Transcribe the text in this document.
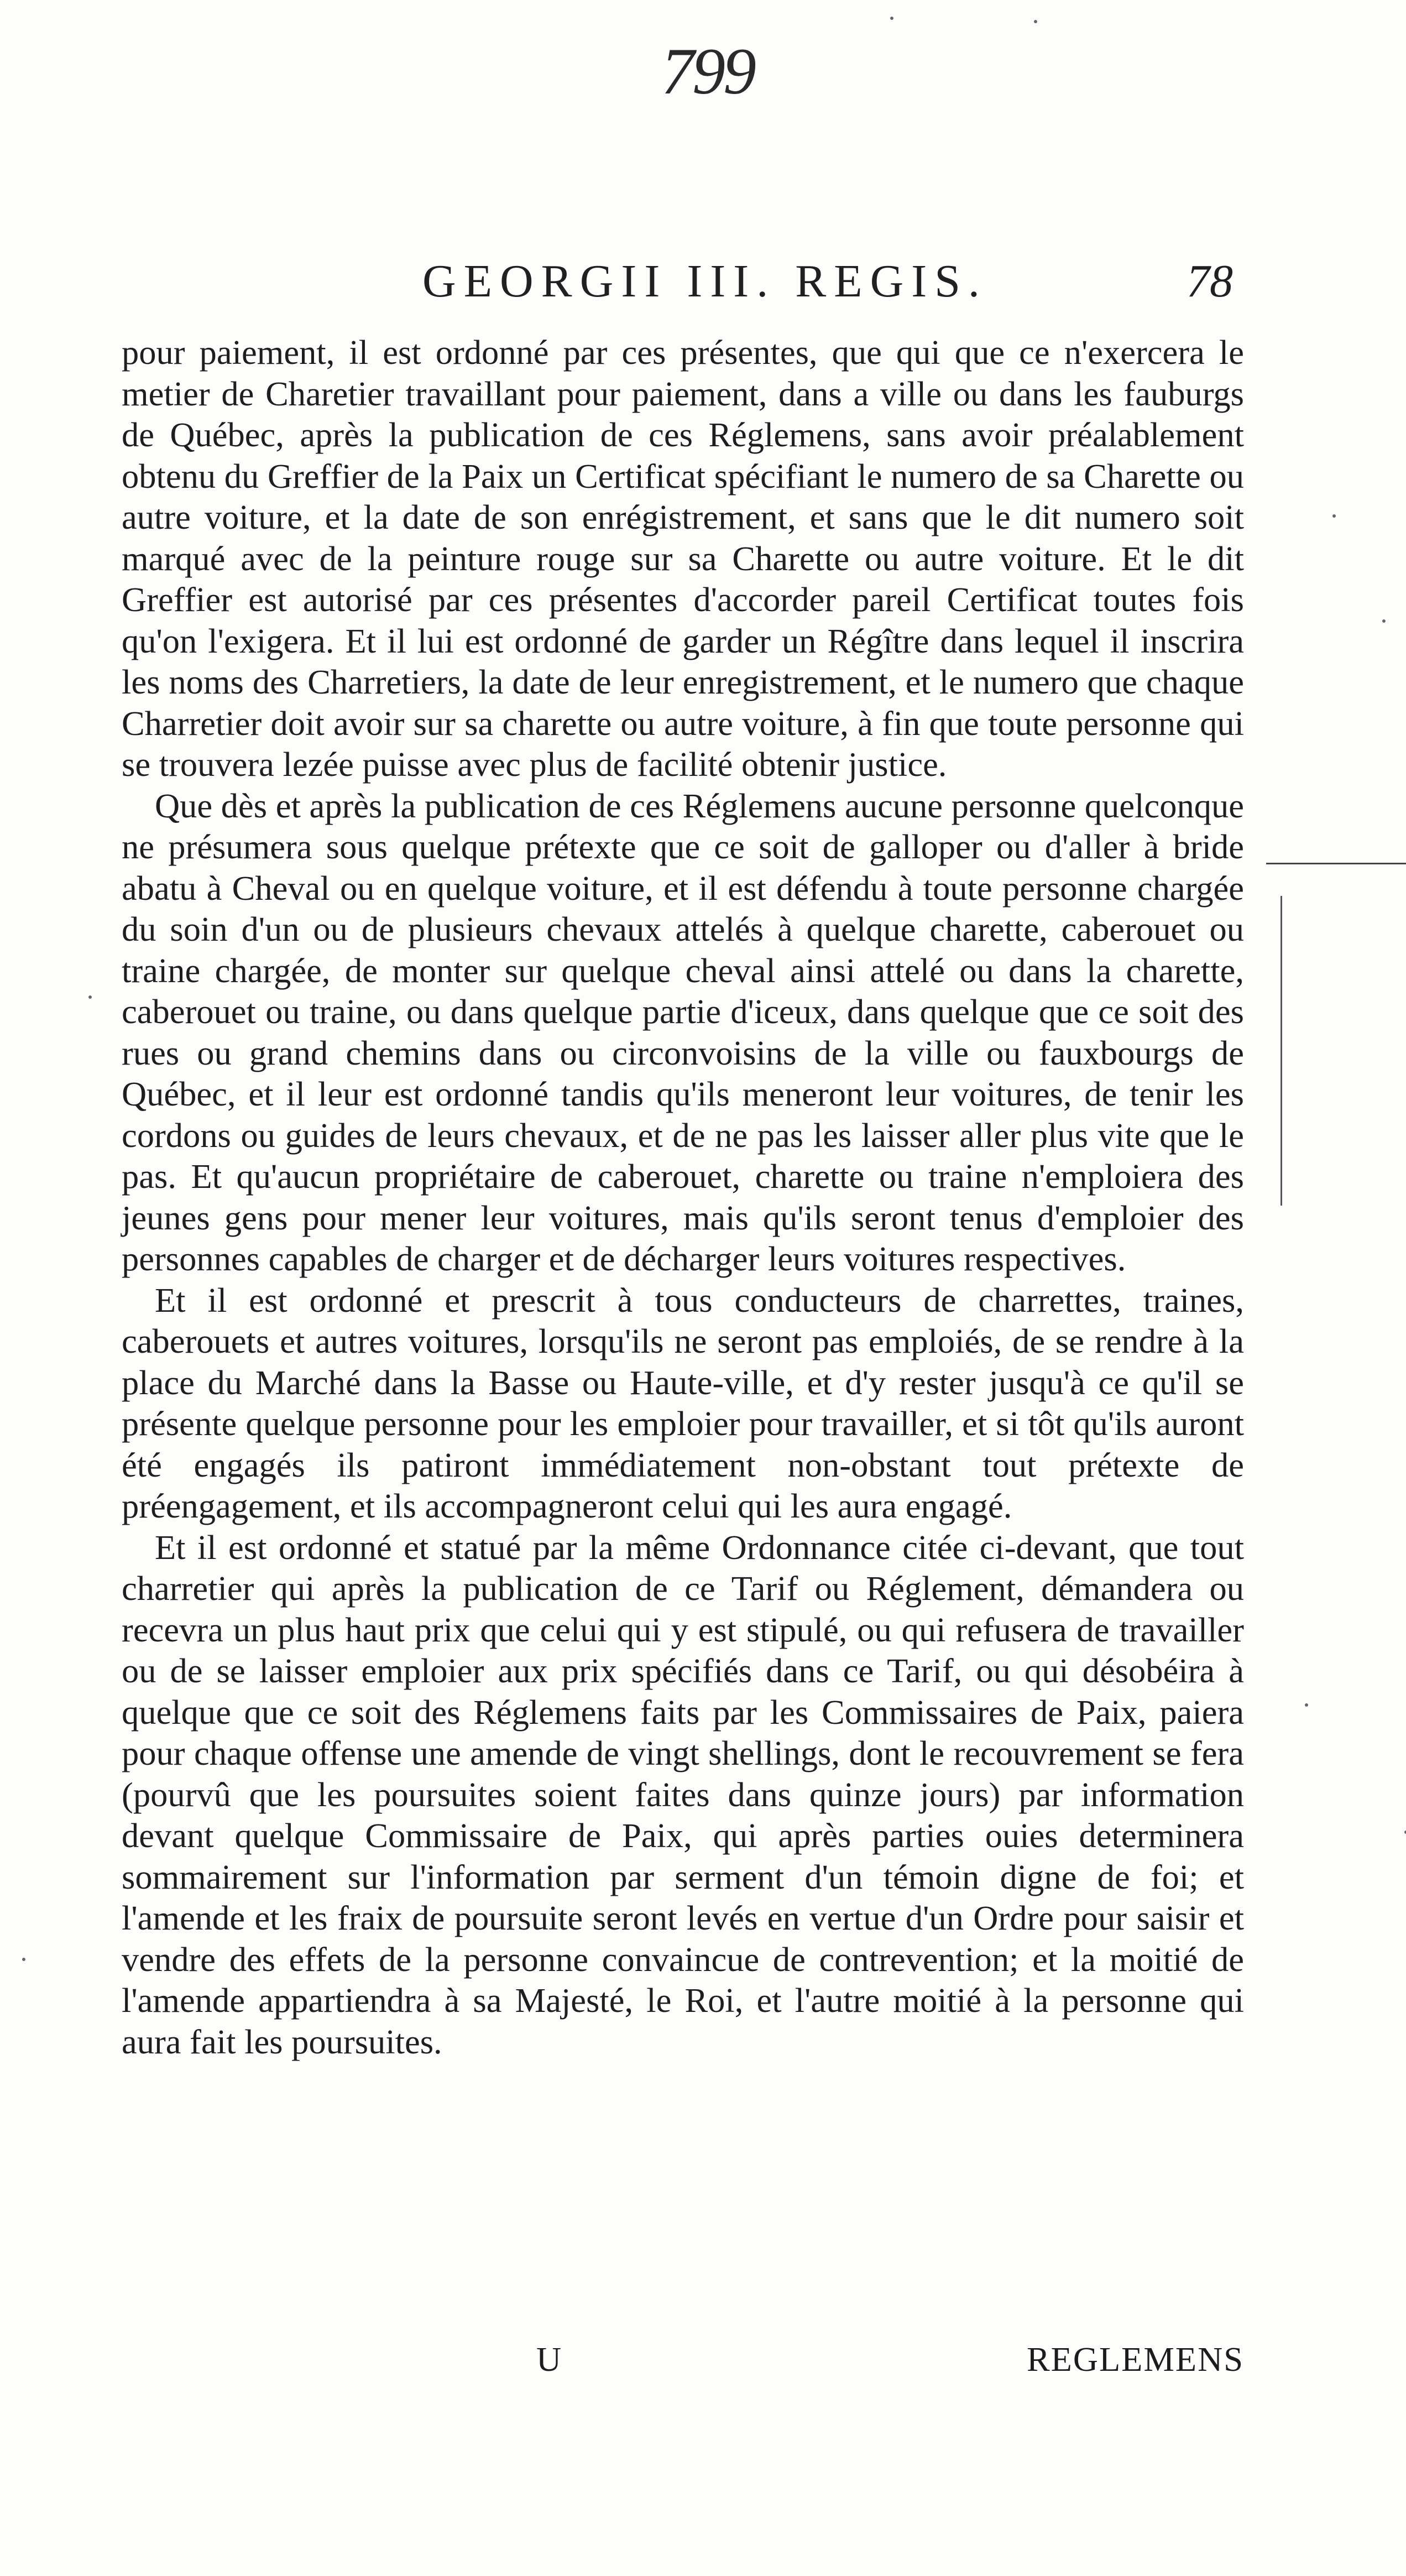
799
GEORGII III. REGIS.	78

pour paiement, il est ordonné par ces présentes, que qui que ce n'exercera le metier de Charetier travaillant pour paiement, dans a ville ou dans les fauburgs de Québec, après la publication de ces Réglemens, sans avoir préalablement obtenu du Greffier de la Paix un Certificat spécifiant le numero de sa Charette ou autre voiture, et la date de son enrégistrement, et sans que le dit numero soit marqué avec de la peinture rouge sur sa Charette ou autre voiture. Et le dit Greffier est autorisé par ces présentes d'accorder pareil Certificat toutes fois qu'on l'exigera. Et il lui est ordonné de garder un Régître dans lequel il inscrira les noms des Charretiers, la date de leur enregistrement, et le numero que chaque Charretier doit avoir sur sa charette ou autre voiture, à fin que toute personne qui se trouvera lezée puisse avec plus de facilité obtenir justice.

Que dès et après la publication de ces Réglemens aucune personne quelconque ne présumera sous quelque prétexte que ce soit de galloper ou d'aller à bride abatu à Cheval ou en quelque voiture, et il est défendu à toute personne chargée du soin d'un ou de plusieurs chevaux attelés à quelque charette, caberouet ou traine chargée, de monter sur quelque cheval ainsi attelé ou dans la charette, caberouet ou traine, ou dans quelque partie d'iceux, dans quelque que ce soit des rues ou grand chemins dans ou circonvoisins de la ville ou fauxbourgs de Québec, et il leur est ordonné tandis qu'ils meneront leur voitures, de tenir les cordons ou guides de leurs chevaux, et de ne pas les laisser aller plus vite que le pas. Et qu'aucun propriétaire de caberouet, charette ou traine n'emploiera des jeunes gens pour mener leur voitures, mais qu'ils seront tenus d'emploier des personnes capables de charger et de décharger leurs voitures respectives.

Et il est ordonné et prescrit à tous conducteurs de charrettes, traines, caberouets et autres voitures, lorsqu'ils ne seront pas emploiés, de se rendre à la place du Marché dans la Basse ou Haute-ville, et d'y rester jusqu'à ce qu'il se présente quelque personne pour les emploier pour travailler, et si tôt qu'ils auront été engagés ils patiront immédiatement non-obstant tout prétexte de préengagement, et ils accompagneront celui qui les aura engagé.

Et il est ordonné et statué par la même Ordonnance citée ci-devant, que tout charretier qui après la publication de ce Tarif ou Réglement, démandera ou recevra un plus haut prix que celui qui y est stipulé, ou qui refusera de travailler ou de se laisser emploier aux prix spécifiés dans ce Tarif, ou qui désobéira à quelque que ce soit des Réglemens faits par les Commissaires de Paix, paiera pour chaque offense une amende de vingt shellings, dont le recouvrement se fera (pourvû que les poursuites soient faites dans quinze jours) par information devant quelque Commissaire de Paix, qui après parties ouies determinera sommairement sur l'information par serment d'un témoin digne de foi; et l'amende et les fraix de poursuite seront levés en vertue d'un Ordre pour saisir et vendre des effets de la personne convaincue de contrevention; et la moitié de l'amende appartiendra à sa Majesté, le Roi, et l'autre moitié à la personne qui aura fait les poursuites.

U	REGLEMENS
